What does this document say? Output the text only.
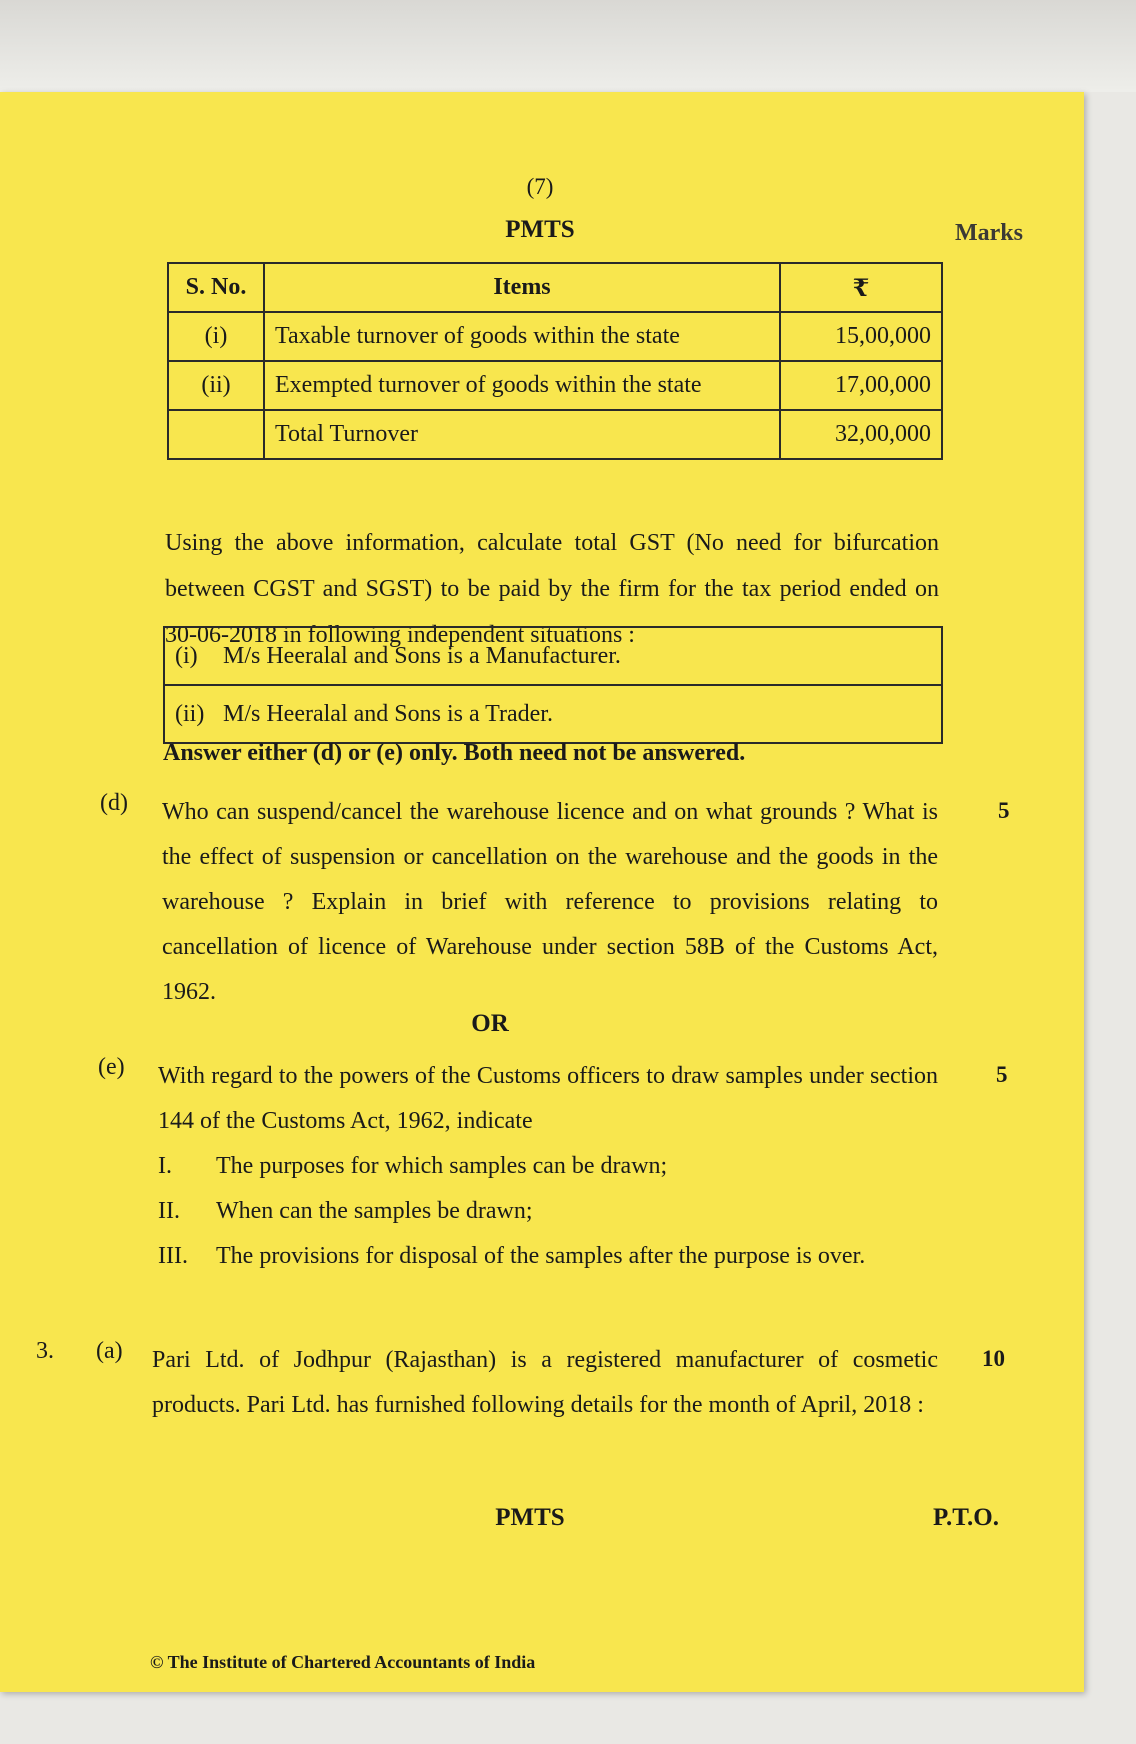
(7)
PMTS	Marks
S. No.	Items	₹
(i)	Taxable turnover of goods within the state	15,00,000
(ii)	Exempted turnover of goods within the state	17,00,000
	Total Turnover	32,00,000
Using the above information, calculate total GST (No need for bifurcation between CGST and SGST) to be paid by the firm for the tax period ended on 30-06-2018 in following independent situations :
(i) M/s Heeralal and Sons is a Manufacturer.
(ii) M/s Heeralal and Sons is a Trader.
Answer either (d) or (e) only. Both need not be answered.
(d) Who can suspend/cancel the warehouse licence and on what grounds ? What is the effect of suspension or cancellation on the warehouse and the goods in the warehouse ? Explain in brief with reference to provisions relating to cancellation of licence of Warehouse under section 58B of the Customs Act, 1962.
5
OR
(e) With regard to the powers of the Customs officers to draw samples under section 144 of the Customs Act, 1962, indicate
5
I. The purposes for which samples can be drawn;
II. When can the samples be drawn;
III. The provisions for disposal of the samples after the purpose is over.
3. (a) Pari Ltd. of Jodhpur (Rajasthan) is a registered manufacturer of cosmetic products. Pari Ltd. has furnished following details for the month of April, 2018 :
10
PMTS	P.T.O.
© The Institute of Chartered Accountants of India
